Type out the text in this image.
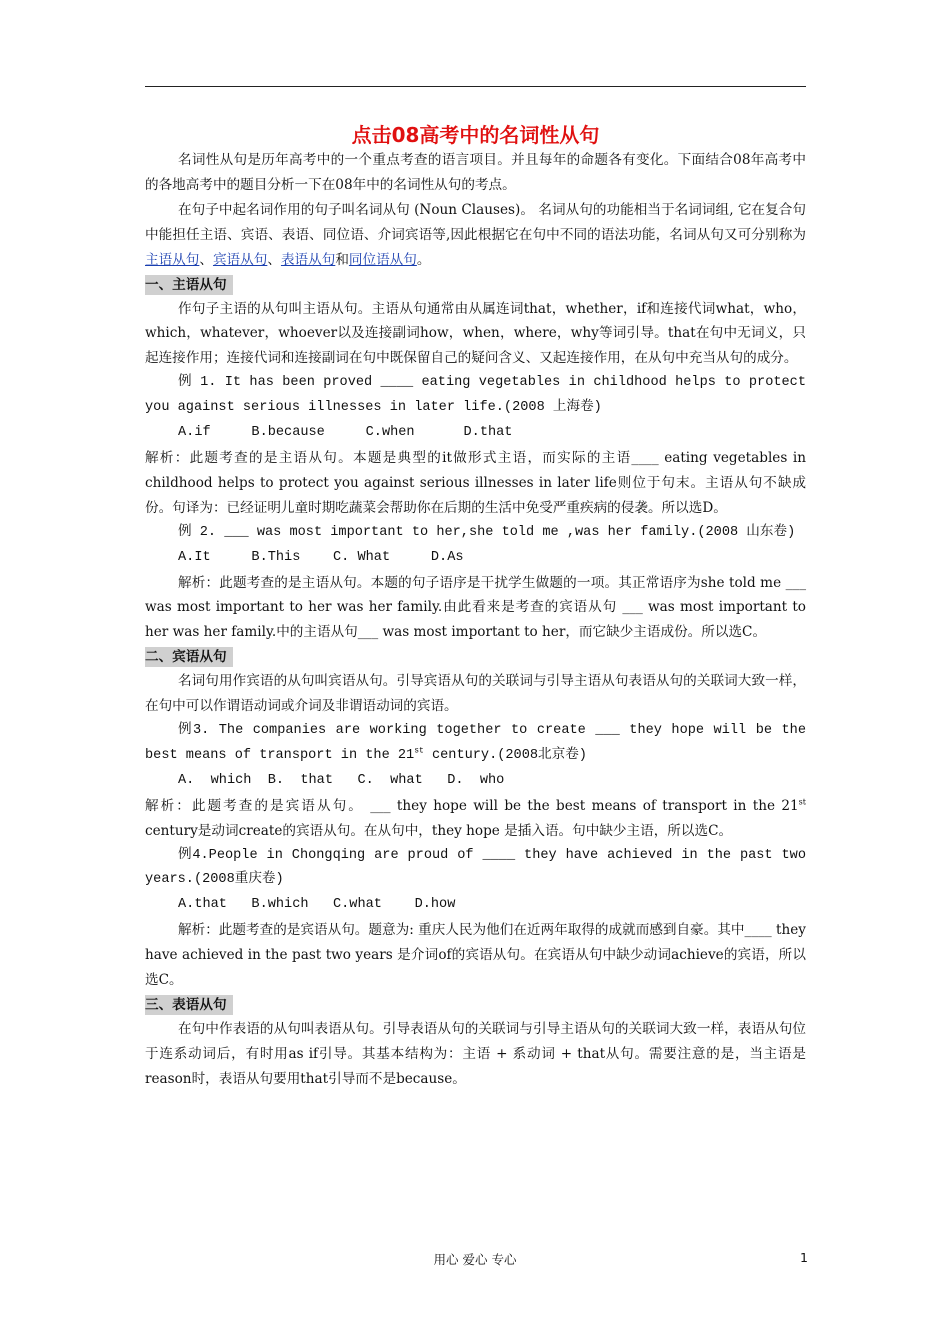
点击08高考中的名词性从句

名词性从句是历年高考中的一个重点考查的语言项目。并且每年的命题各有变化。下面结合08年高考中的各地高考中的题目分析一下在08年中的名词性从句的考点。

在句子中起名词作用的句子叫名词从句 (Noun Clauses)。 名词从句的功能相当于名词词组, 它在复合句中能担任主语、宾语、表语、同位语、介词宾语等,因此根据它在句中不同的语法功能，名词从句又可分别称为主语从句、宾语从句、表语从句和同位语从句。

一、主语从句

作句子主语的从句叫主语从句。主语从句通常由从属连词that，whether，if和连接代词what，who，which，whatever，whoever以及连接副词how，when，where，why等词引导。that在句中无词义，只起连接作用；连接代词和连接副词在句中既保留自己的疑问含义、又起连接作用，在从句中充当从句的成分。

例 1. It has been proved ____ eating vegetables in childhood helps to protect you against serious illnesses in later life.(2008 上海卷)

A.if     B.because     C.when      D.that

解析：此题考查的是主语从句。本题是典型的it做形式主语，而实际的主语____ eating vegetables in childhood helps to protect you against serious illnesses in later life则位于句末。主语从句不缺成份。句译为：已经证明儿童时期吃蔬菜会帮助你在后期的生活中免受严重疾病的侵袭。所以选D。

例 2. ___ was most important to her,she told me ,was her family.(2008 山东卷)

A.It     B.This    C. What     D.As

解析：此题考查的是主语从句。本题的句子语序是干扰学生做题的一项。其正常语序为she told me ___ was most important to her was her family.由此看来是考查的宾语从句 ___ was most important to her was her family.中的主语从句___ was most important to her，而它缺少主语成份。所以选C。

二、宾语从句

名词句用作宾语的从句叫宾语从句。引导宾语从句的关联词与引导主语从句表语从句的关联词大致一样，在句中可以作谓语动词或介词及非谓语动词的宾语。

例3. The companies are working together to create ___ they hope will be the best means of transport in the 21st century.(2008北京卷)

A.  which  B.  that   C.  what   D.  who

解析：此题考查的是宾语从句。 ___ they hope will be the best means of transport in the 21st century是动词create的宾语从句。在从句中，they hope 是插入语。句中缺少主语，所以选C。

例4.People in Chongqing are proud of ____ they have achieved in the past two years.(2008重庆卷)

A.that   B.which   C.what    D.how

解析：此题考查的是宾语从句。题意为: 重庆人民为他们在近两年取得的成就而感到自豪。其中____ they have achieved in the past two years 是介词of的宾语从句。在宾语从句中缺少动词achieve的宾语，所以选C。

三、表语从句

在句中作表语的从句叫表语从句。引导表语从句的关联词与引导主语从句的关联词大致一样，表语从句位于连系动词后，有时用as if引导。其基本结构为：主语 + 系动词 + that从句。需要注意的是，当主语是reason时，表语从句要用that引导而不是because。

用心 爱心 专心	1
